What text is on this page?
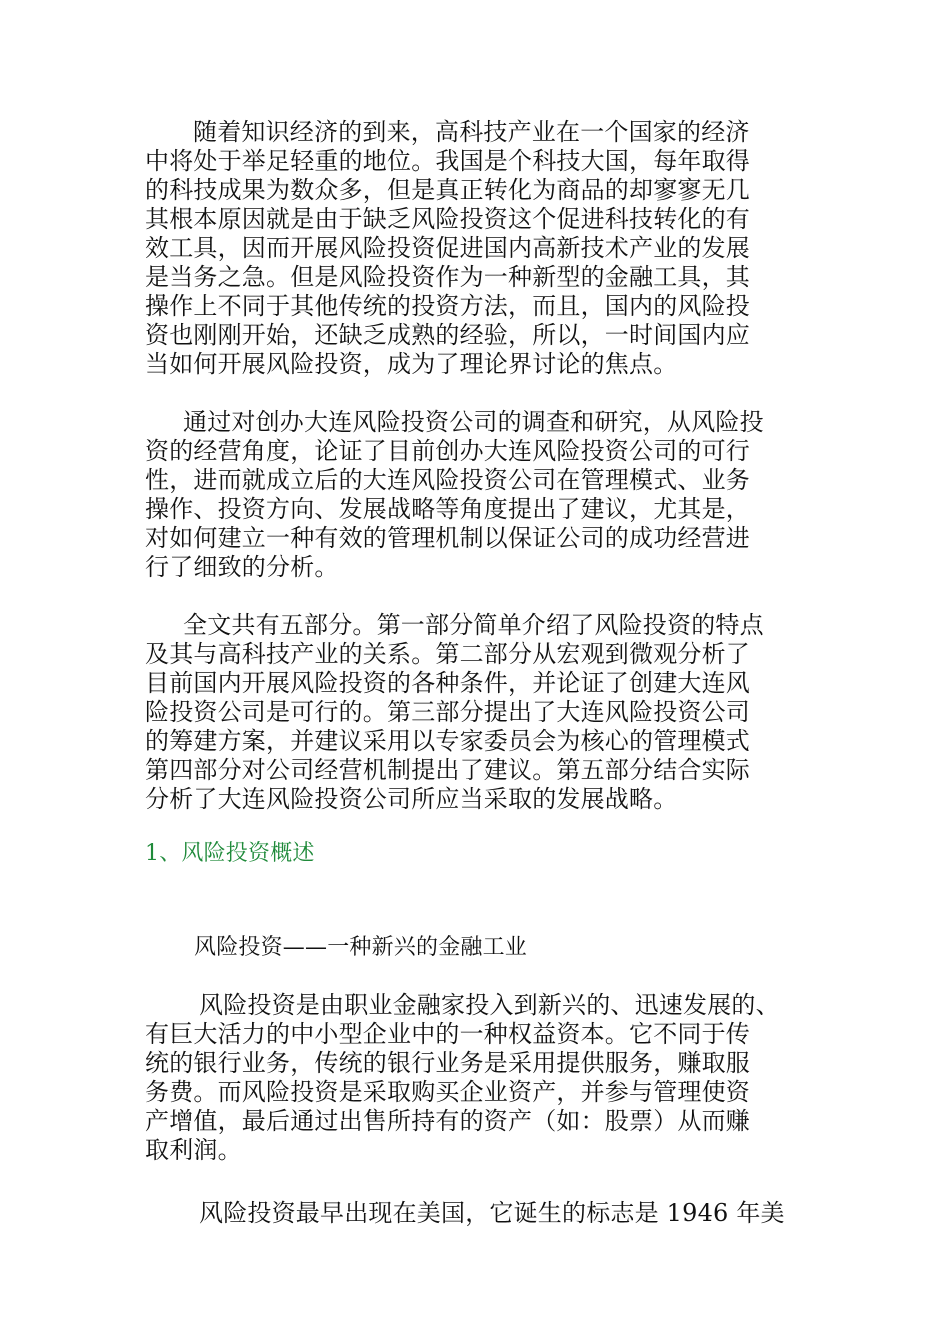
随着知识经济的到来，高科技产业在一个国家的经济
中将处于举足轻重的地位。我国是个科技大国，每年取得
的科技成果为数众多，但是真正转化为商品的却寥寥无几
其根本原因就是由于缺乏风险投资这个促进科技转化的有
效工具，因而开展风险投资促进国内高新技术产业的发展
是当务之急。但是风险投资作为一种新型的金融工具，其
操作上不同于其他传统的投资方法，而且，国内的风险投
资也刚刚开始，还缺乏成熟的经验，所以，一时间国内应
当如何开展风险投资，成为了理论界讨论的焦点。
通过对创办大连风险投资公司的调查和研究，从风险投
资的经营角度，论证了目前创办大连风险投资公司的可行
性，进而就成立后的大连风险投资公司在管理模式、业务
操作、投资方向、发展战略等角度提出了建议，尤其是，
对如何建立一种有效的管理机制以保证公司的成功经营进
行了细致的分析。
全文共有五部分。第一部分简单介绍了风险投资的特点
及其与高科技产业的关系。第二部分从宏观到微观分析了
目前国内开展风险投资的各种条件，并论证了创建大连风
险投资公司是可行的。第三部分提出了大连风险投资公司
的筹建方案，并建议采用以专家委员会为核心的管理模式
第四部分对公司经营机制提出了建议。第五部分结合实际
分析了大连风险投资公司所应当采取的发展战略。
1、风险投资概述
风险投资——一种新兴的金融工业
风险投资是由职业金融家投入到新兴的、迅速发展的、
有巨大活力的中小型企业中的一种权益资本。它不同于传
统的银行业务，传统的银行业务是采用提供服务，赚取服
务费。而风险投资是采取购买企业资产，并参与管理使资
产增值，最后通过出售所持有的资产（如：股票）从而赚
取利润。
风险投资最早出现在美国，它诞生的标志是 1946 年美
